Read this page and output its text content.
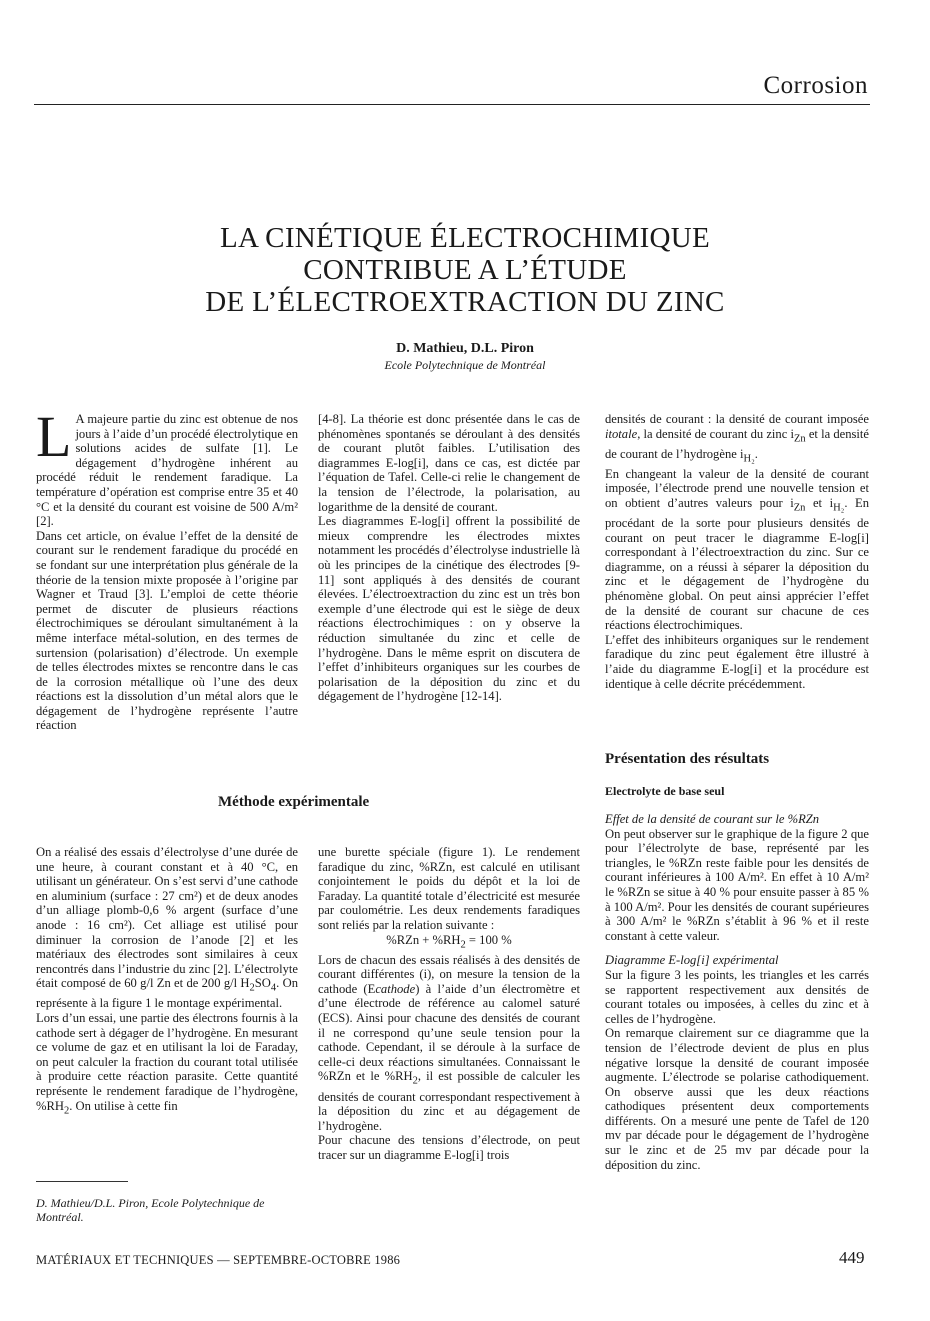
Corrosion
LA CINÉTIQUE ÉLECTROCHIMIQUE
CONTRIBUE A L’ÉTUDE
DE L’ÉLECTROEXTRACTION DU ZINC
D. Mathieu, D.L. Piron
Ecole Polytechnique de Montréal

L A majeure partie du zinc est obtenue de nos jours à l’aide d’un procédé électrolytique en solutions acides de sulfate [1]. Le dégagement d’hydrogène inhérent au procédé réduit le rendement faradique. La température d’opération est comprise entre 35 et 40 °C et la densité du courant est voisine de 500 A/m² [2].

Dans cet article, on évalue l’effet de la densité de courant sur le rendement faradique du procédé en se fondant sur une interprétation plus générale de la théorie de la tension mixte proposée à l’origine par Wagner et Traud [3]. L’emploi de cette théorie permet de discuter de plusieurs réactions électrochimiques se déroulant simultanément à la même interface métal-solution, en des termes de surtension (polarisation) d’électrode. Un exemple de telles électrodes mixtes se rencontre dans le cas de la corrosion métallique où l’une des deux réactions est la dissolution d’un métal alors que le dégagement de l’hydrogène représente l’autre réaction

[4-8]. La théorie est donc présentée dans le cas de phénomènes spontanés se déroulant à des densités de courant plutôt faibles. L’utilisation des diagrammes E-log[i], dans ce cas, est dictée par l’équation de Tafel. Celle-ci relie le changement de la tension de l’électrode, la polarisation, au logarithme de la densité de courant.

Les diagrammes E-log[i] offrent la possibilité de mieux comprendre les électrodes mixtes notamment les procédés d’électrolyse industrielle là où les principes de la cinétique des électrodes [9-11] sont appliqués à des densités de courant élevées. L’électroextraction du zinc est un très bon exemple d’une électrode qui est le siège de deux réactions électrochimiques : on y observe la réduction simultanée du zinc et celle de l’hydrogène. Dans le même esprit on discutera de l’effet d’inhibiteurs organiques sur les courbes de polarisation de la déposition du zinc et du dégagement de l’hydrogène [12-14].

densités de courant : la densité de courant imposée itotale, la densité de courant du zinc $i_{Zn}$ et la densité de courant de l’hydrogène $i_{H_2}$.

En changeant la valeur de la densité de courant imposée, l’électrode prend une nouvelle tension et on obtient d’autres valeurs pour $i_{Zn}$ et $i_{H_2}$. En procédant de la sorte pour plusieurs densités de courant on peut tracer le diagramme E-log[i] correspondant à l’électroextraction du zinc. Sur ce diagramme, on a réussi à séparer la déposition du zinc et le dégagement de l’hydrogène du phénomène global. On peut ainsi apprécier l’effet de la densité de courant sur chacune de ces réactions électrochimiques.

L’effet des inhibiteurs organiques sur le rendement faradique du zinc peut également être illustré à l’aide du diagramme E-log[i] et la procédure est identique à celle décrite précédemment.

Présentation des résultats
Electrolyte de base seul

Effet de la densité de courant sur le %RZn

On peut observer sur le graphique de la figure 2 que pour l’électrolyte de base, représenté par les triangles, le %RZn reste faible pour les densités de courant inférieures à 100 A/m². En effet à 10 A/m² le %RZn se situe à 40 % pour ensuite passer à 85 % à 100 A/m². Pour les densités de courant supérieures à 300 A/m² le %RZn s’établit à 96 % et il reste constant à cette valeur.

Diagramme E-log[i] expérimental

Sur la figure 3 les points, les triangles et les carrés se rapportent respectivement aux densités de courant totales ou imposées, à celles du zinc et à celles de l’hydrogène.

On remarque clairement sur ce diagramme que la tension de l’électrode devient de plus en plus négative lorsque la densité de courant imposée augmente. L’électrode se polarise cathodiquement. On observe aussi que les deux réactions cathodiques présentent deux comportements différents. On a mesuré une pente de Tafel de 120 mv par décade pour le dégagement de l’hydrogène sur le zinc et de 25 mv par décade pour la déposition du zinc.

Méthode expérimentale

On a réalisé des essais d’électrolyse d’une durée de une heure, à courant constant et à 40 °C, en utilisant un générateur. On s’est servi d’une cathode en aluminium (surface : 27 cm²) et de deux anodes d’un alliage plomb-0,6 % argent (surface d’une anode : 16 cm²). Cet alliage est utilisé pour diminuer la corrosion de l’anode [2] et les matériaux des électrodes sont similaires à ceux rencontrés dans l’industrie du zinc [2]. L’électrolyte était composé de 60 g/l Zn et de 200 g/l $H_2SO_4$. On représente à la figure 1 le montage expérimental.

Lors d’un essai, une partie des électrons fournis à la cathode sert à dégager de l’hydrogène. En mesurant ce volume de gaz et en utilisant la loi de Faraday, on peut calculer la fraction du courant total utilisée à produire cette réaction parasite. Cette quantité représente le rendement faradique de l’hydrogène, $\%RH_2$. On utilise à cette fin

une burette spéciale (figure 1). Le rendement faradique du zinc, %RZn, est calculé en utilisant conjointement le poids du dépôt et la loi de Faraday. La quantité totale d’électricité est mesurée par coulométrie. Les deux rendements faradiques sont reliés par la relation suivante :

$\%RZn + \%RH_2 = 100$ %

Lors de chacun des essais réalisés à des densités de courant différentes (i), on mesure la tension de la cathode (Ecathode) à l’aide d’un électromètre et d’une électrode de référence au calomel saturé (ECS). Ainsi pour chacune des densités de courant il ne correspond qu’une seule tension pour la cathode. Cependant, il se déroule à la surface de celle-ci deux réactions simultanées. Connaissant le %RZn et le $\%RH_2$, il est possible de calculer les densités de courant correspondant respectivement à la déposition du zinc et au dégagement de l’hydrogène.

Pour chacune des tensions d’électrode, on peut tracer sur un diagramme E-log[i] trois

D. Mathieu/D.L. Piron, Ecole Polytechnique de Montréal.
MATÉRIAUX ET TECHNIQUES — SEPTEMBRE-OCTOBRE 1986	449
